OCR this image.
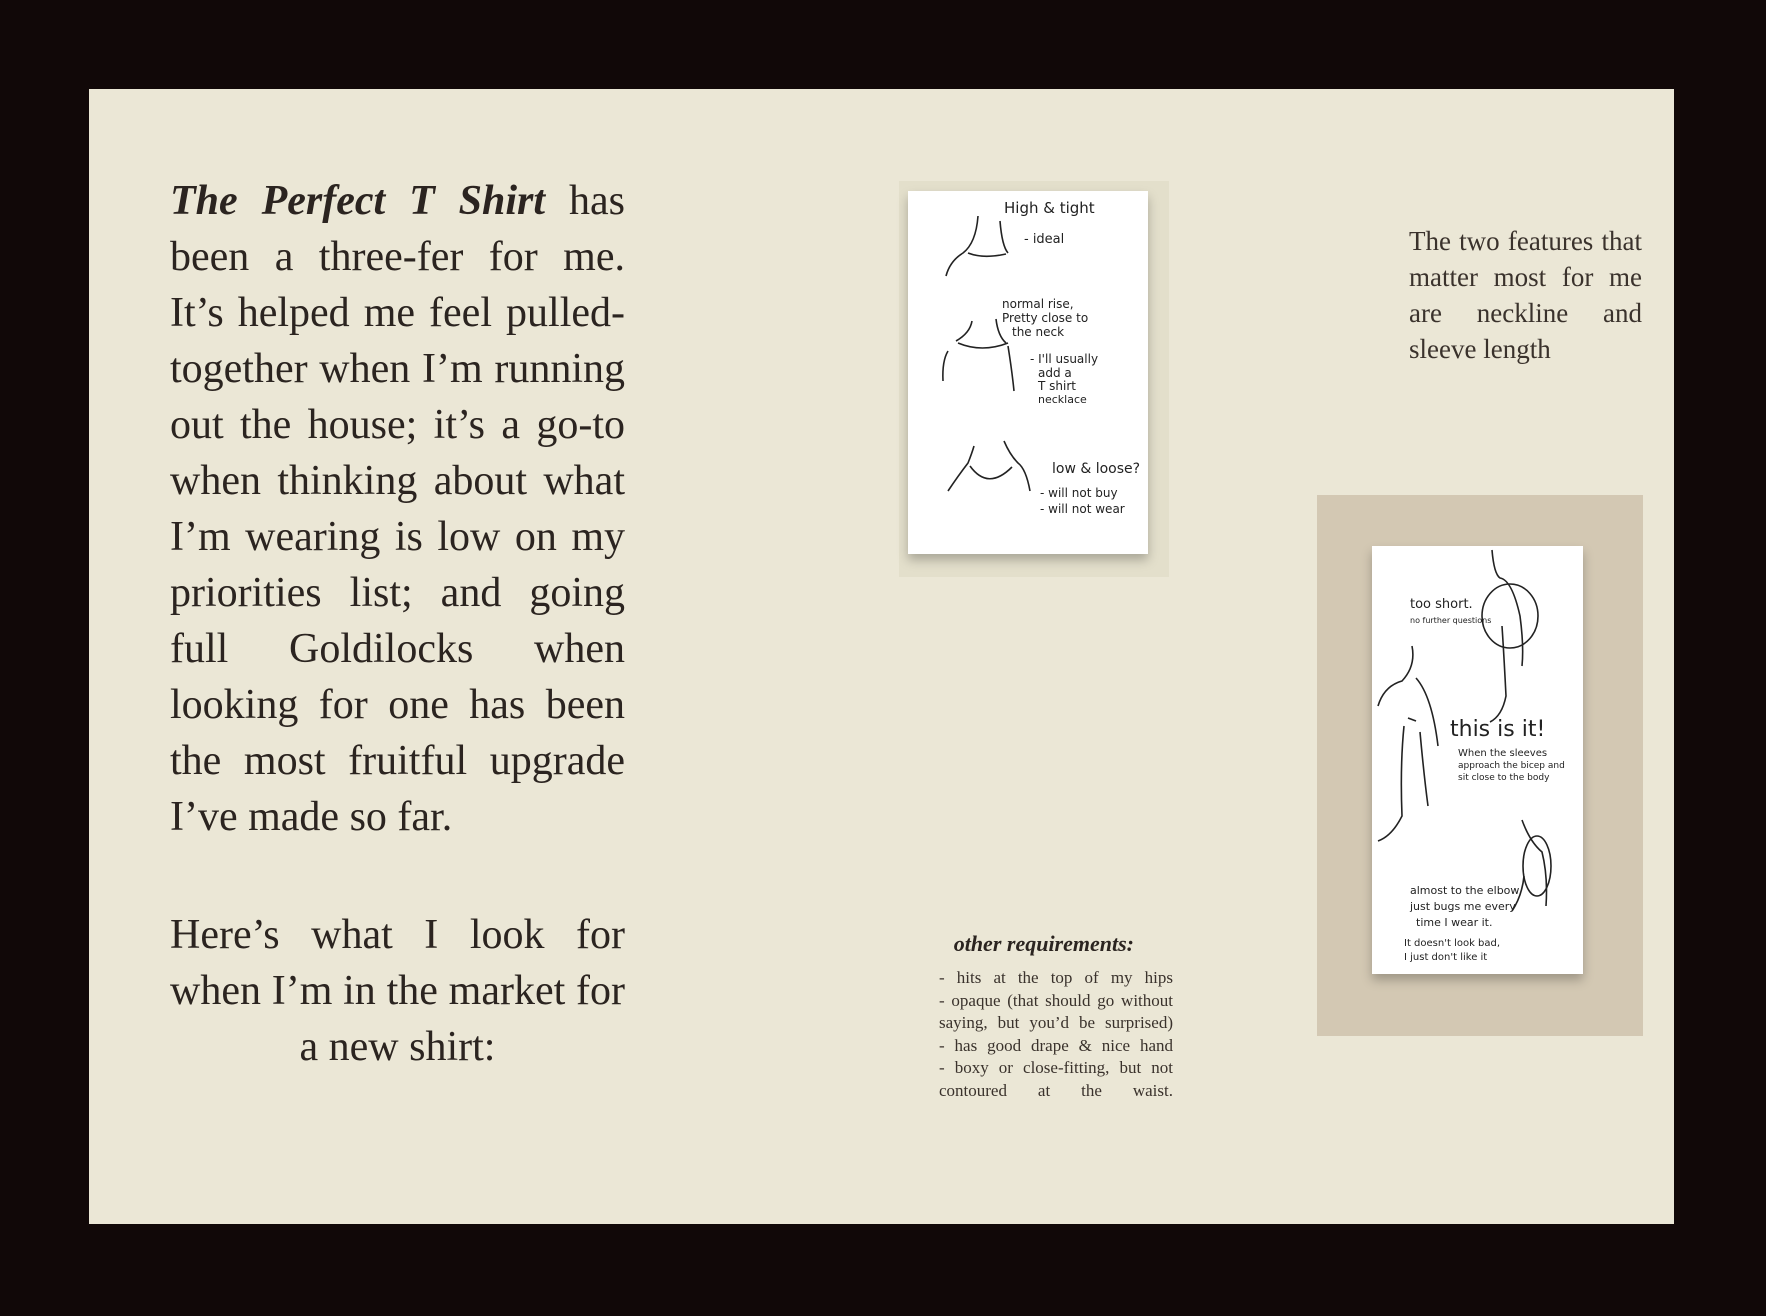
The Perfect T Shirt has been a three-fer for me. It’s helped me feel pulled-together when I’m running out the house; it’s a go-to when thinking about what I’m wearing is low on my priorities list; and going full Goldilocks when looking for one has been the most fruitful upgrade I’ve made so far.

Here’s what I look for when I’m in the market for a new shirt:

High & tight
- ideal
normal rise,
Pretty close to
the neck
- I'll usually
add a
T shirt
necklace
low & loose?
- will not buy
- will not wear

The two features that matter most for me are neckline and sleeve length

too short.
no further questions
this is it!
When the sleeves
approach the bicep and
sit close to the body
almost to the elbow
just bugs me every
time I wear it.
It doesn't look bad,
I just don't like it
other requirements:
- hits at the top of my hips
- opaque (that should go without saying, but you’d be surprised)
- has good drape & nice hand
- boxy or close-fitting, but not contoured at the waist.
